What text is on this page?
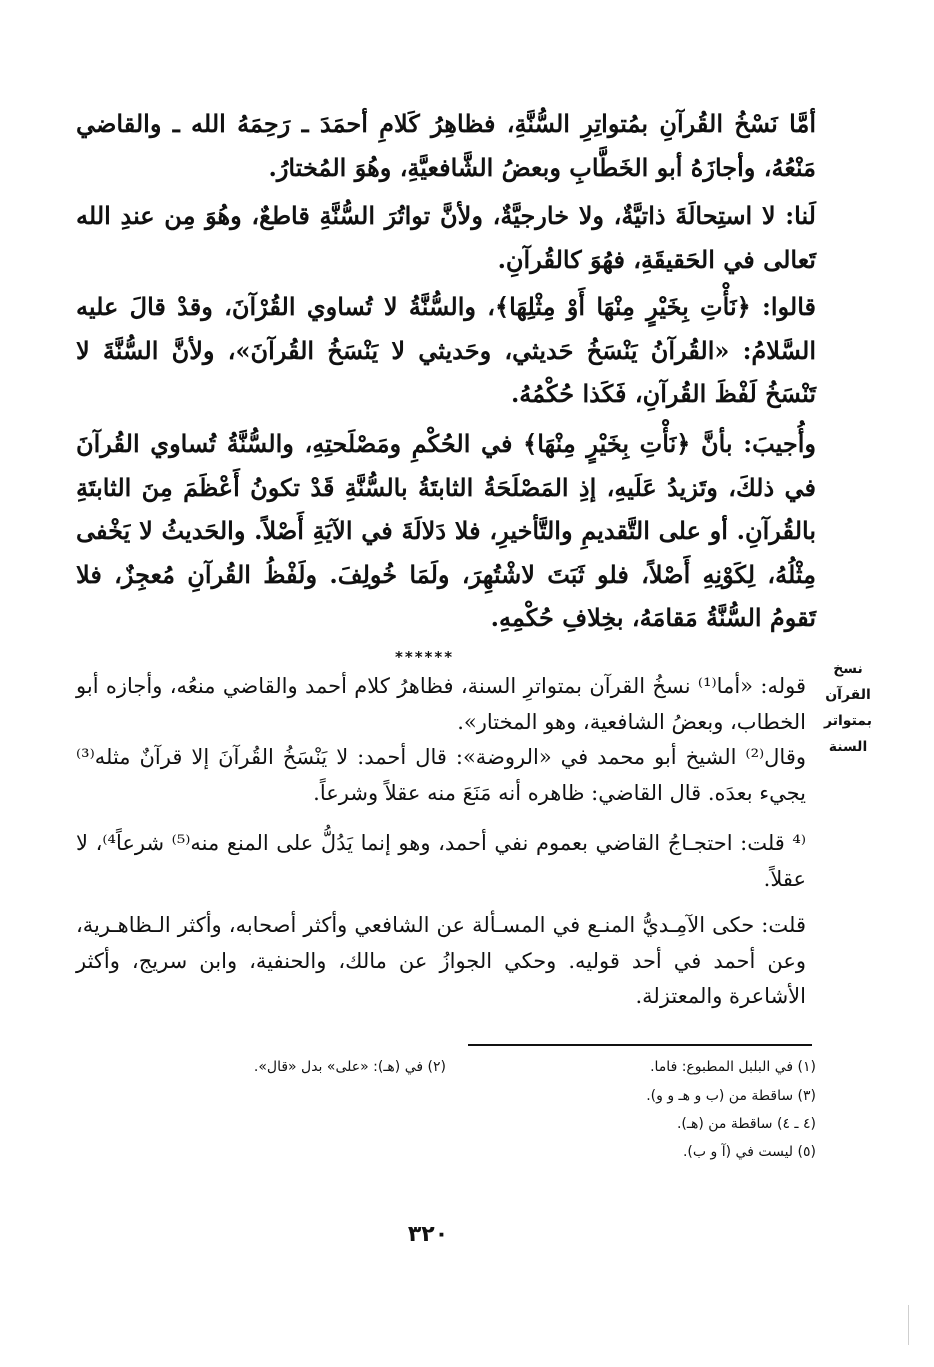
أمَّا نَسْخُ القُرآنِ بمُتواتِرِ السُّنَّةِ، فظاهِرُ كَلامِ أحمَدَ ـ رَحِمَهُ الله ـ والقاضي مَنْعُهُ، وأجازَهُ أبو الخَطَّابِ وبعضُ الشَّافعيَّةِ، وهُوَ المُختارُ.

لَنا: لا استِحالَةَ ذاتيَّةٌ، ولا خارجيَّةٌ، ولأنَّ تواتُرَ السُّنَّةِ قاطعٌ، وهُوَ مِن عندِ الله تَعالى في الحَقيقَةِ، فهُوَ كالقُرآنِ.

قالوا: ﴿نَأْتِ بِخَيْرٍ مِنْهَا أَوْ مِثْلِهَا﴾، والسُّنَّةُ لا تُساوي القُرْآنَ، وقدْ قالَ عليه السَّلامُ: «القُرآنُ يَنْسَخُ حَديثي، وحَديثي لا يَنْسَخُ القُرآنَ»، ولأنَّ السُّنَّةَ لا تَنْسَخُ لَفْظَ القُرآنِ، فَكَذا حُكْمُهُ.

وأُجيبَ: بأنَّ ﴿نَأْتِ بِخَيْرٍ مِنْهَا﴾ في الحُكْمِ ومَصْلَحتِهِ، والسُّنَّةُ تُساوي القُرآنَ في ذلكَ، وتَزيدُ عَلَيهِ، إذِ المَصْلَحَةُ الثابتَةُ بالسُّنَّةِ قَدْ تكونُ أَعْظَمَ مِنَ الثابتَةِ بالقُرآنِ. أو على التَّقديمِ والتَّأخيرِ، فلا دَلالَةَ في الآيَةِ أَصْلاً. والحَديثُ لا يَخْفى مِثْلُهُ، لِكَوْنِهِ أَصْلاً، فلو ثَبَتَ لاشْتُهِرَ، ولَمَا خُولِفَ. ولَفْظُ القُرآنِ مُعجِزٌ، فلا تَقومُ السُّنَّةُ مَقامَهُ، بخِلافِ حُكْمِهِ.

******
نسخ القرآن بمتواتر السنة

قوله: «أما⁽¹⁾ نسخُ القرآن بمتواترِ السنة، فظاهرُ كلام أحمد والقاضي منعُه، وأجازه أبو الخطاب، وبعضُ الشافعية، وهو المختار».

وقال⁽²⁾ الشيخ أبو محمد في «الروضة»: قال أحمد: لا يَنْسَخُ القُرآنَ إلا قرآنٌ مثله⁽³⁾ يجيء بعدَه. قال القاضي: ظاهره أنه مَنَعَ منه عقلاً وشرعاً.

⁽⁴ قلت: احتجـاجُ القاضي بعموم نفي أحمد، وهو إنما يَدُلُّ على المنع منه⁽⁵⁾ شرعاً⁴⁾، لا عقلاً.

قلت: حكى الآمِـديُّ المنـع في المسـألة عن الشافعي وأكثر أصحابه، وأكثر الـظاهـرية، وعن أحمد في أحد قوليه. وحكي الجوازُ عن مالك، والحنفية، وابن سريج، وأكثر الأشاعرة والمعتزلة.

(١) في البلبل المطبوع: فاما.

(٢) في (هـ): «على» بدل «قال».

(٣) ساقطة من (ب و هـ و و).

(٤ ـ ٤) ساقطة من (هـ).

(٥) ليست في (آ و ب).

٣٢٠
